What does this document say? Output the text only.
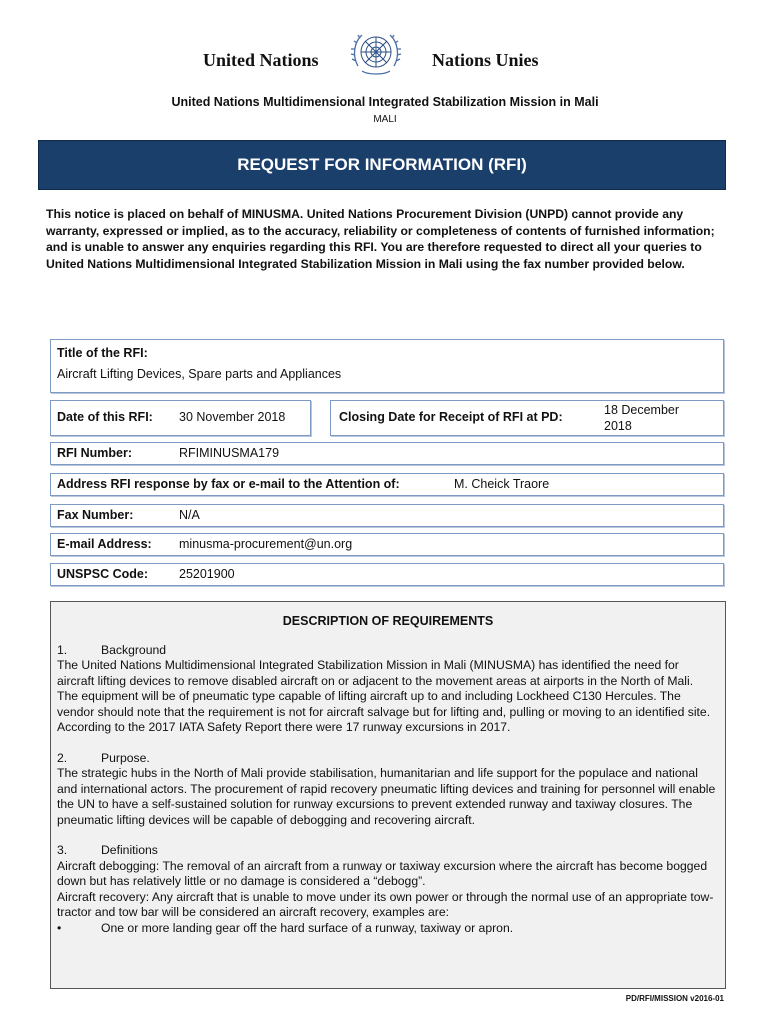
United Nations	Nations Unies
United Nations Multidimensional Integrated Stabilization Mission in Mali
MALI
REQUEST FOR INFORMATION (RFI)
This notice is placed on behalf of MINUSMA. United Nations Procurement Division (UNPD) cannot provide any warranty, expressed or implied, as to the accuracy, reliability or completeness of contents of furnished information; and is unable to answer any enquiries regarding this RFI. You are therefore requested to direct all your queries to United Nations Multidimensional Integrated Stabilization Mission in Mali using the fax number provided below.
Title of the RFI:
Aircraft Lifting Devices, Spare parts and Appliances
Date of this RFI: 30 November 2018	Closing Date for Receipt of RFI at PD:	18 December
2018
RFI Number:	RFIMINUSMA179
Address RFI response by fax or e-mail to the Attention of:	M. Cheick Traore
Fax Number:	N/A
E-mail Address: minusma-procurement@un.org
UNSPSC Code: 25201900
DESCRIPTION OF REQUIREMENTS

1.	Background

The United Nations Multidimensional Integrated Stabilization Mission in Mali (MINUSMA) has identified the need for aircraft lifting devices to remove disabled aircraft on or adjacent to the movement areas at airports in the North of Mali. The equipment will be of pneumatic type capable of lifting aircraft up to and including Lockheed C130 Hercules. The vendor should note that the requirement is not for aircraft salvage but for lifting and, pulling or moving to an identified site.

According to the 2017 IATA Safety Report there were 17 runway excursions in 2017.

2.	Purpose.

The strategic hubs in the North of Mali provide stabilisation, humanitarian and life support for the populace and national and international actors. The procurement of rapid recovery pneumatic lifting devices and training for personnel will enable the UN to have a self-sustained solution for runway excursions to prevent extended runway and taxiway closures. The pneumatic lifting devices will be capable of debogging and recovering aircraft.

3.	Definitions

Aircraft debogging: The removal of an aircraft from a runway or taxiway excursion where the aircraft has become bogged down but has relatively little or no damage is considered a “debogg”.

Aircraft recovery: Any aircraft that is unable to move under its own power or through the normal use of an appropriate tow- tractor and tow bar will be considered an aircraft recovery, examples are:

•	One or more landing gear off the hard surface of a runway, taxiway or apron.

PD/RFI/MISSION v2016-01
